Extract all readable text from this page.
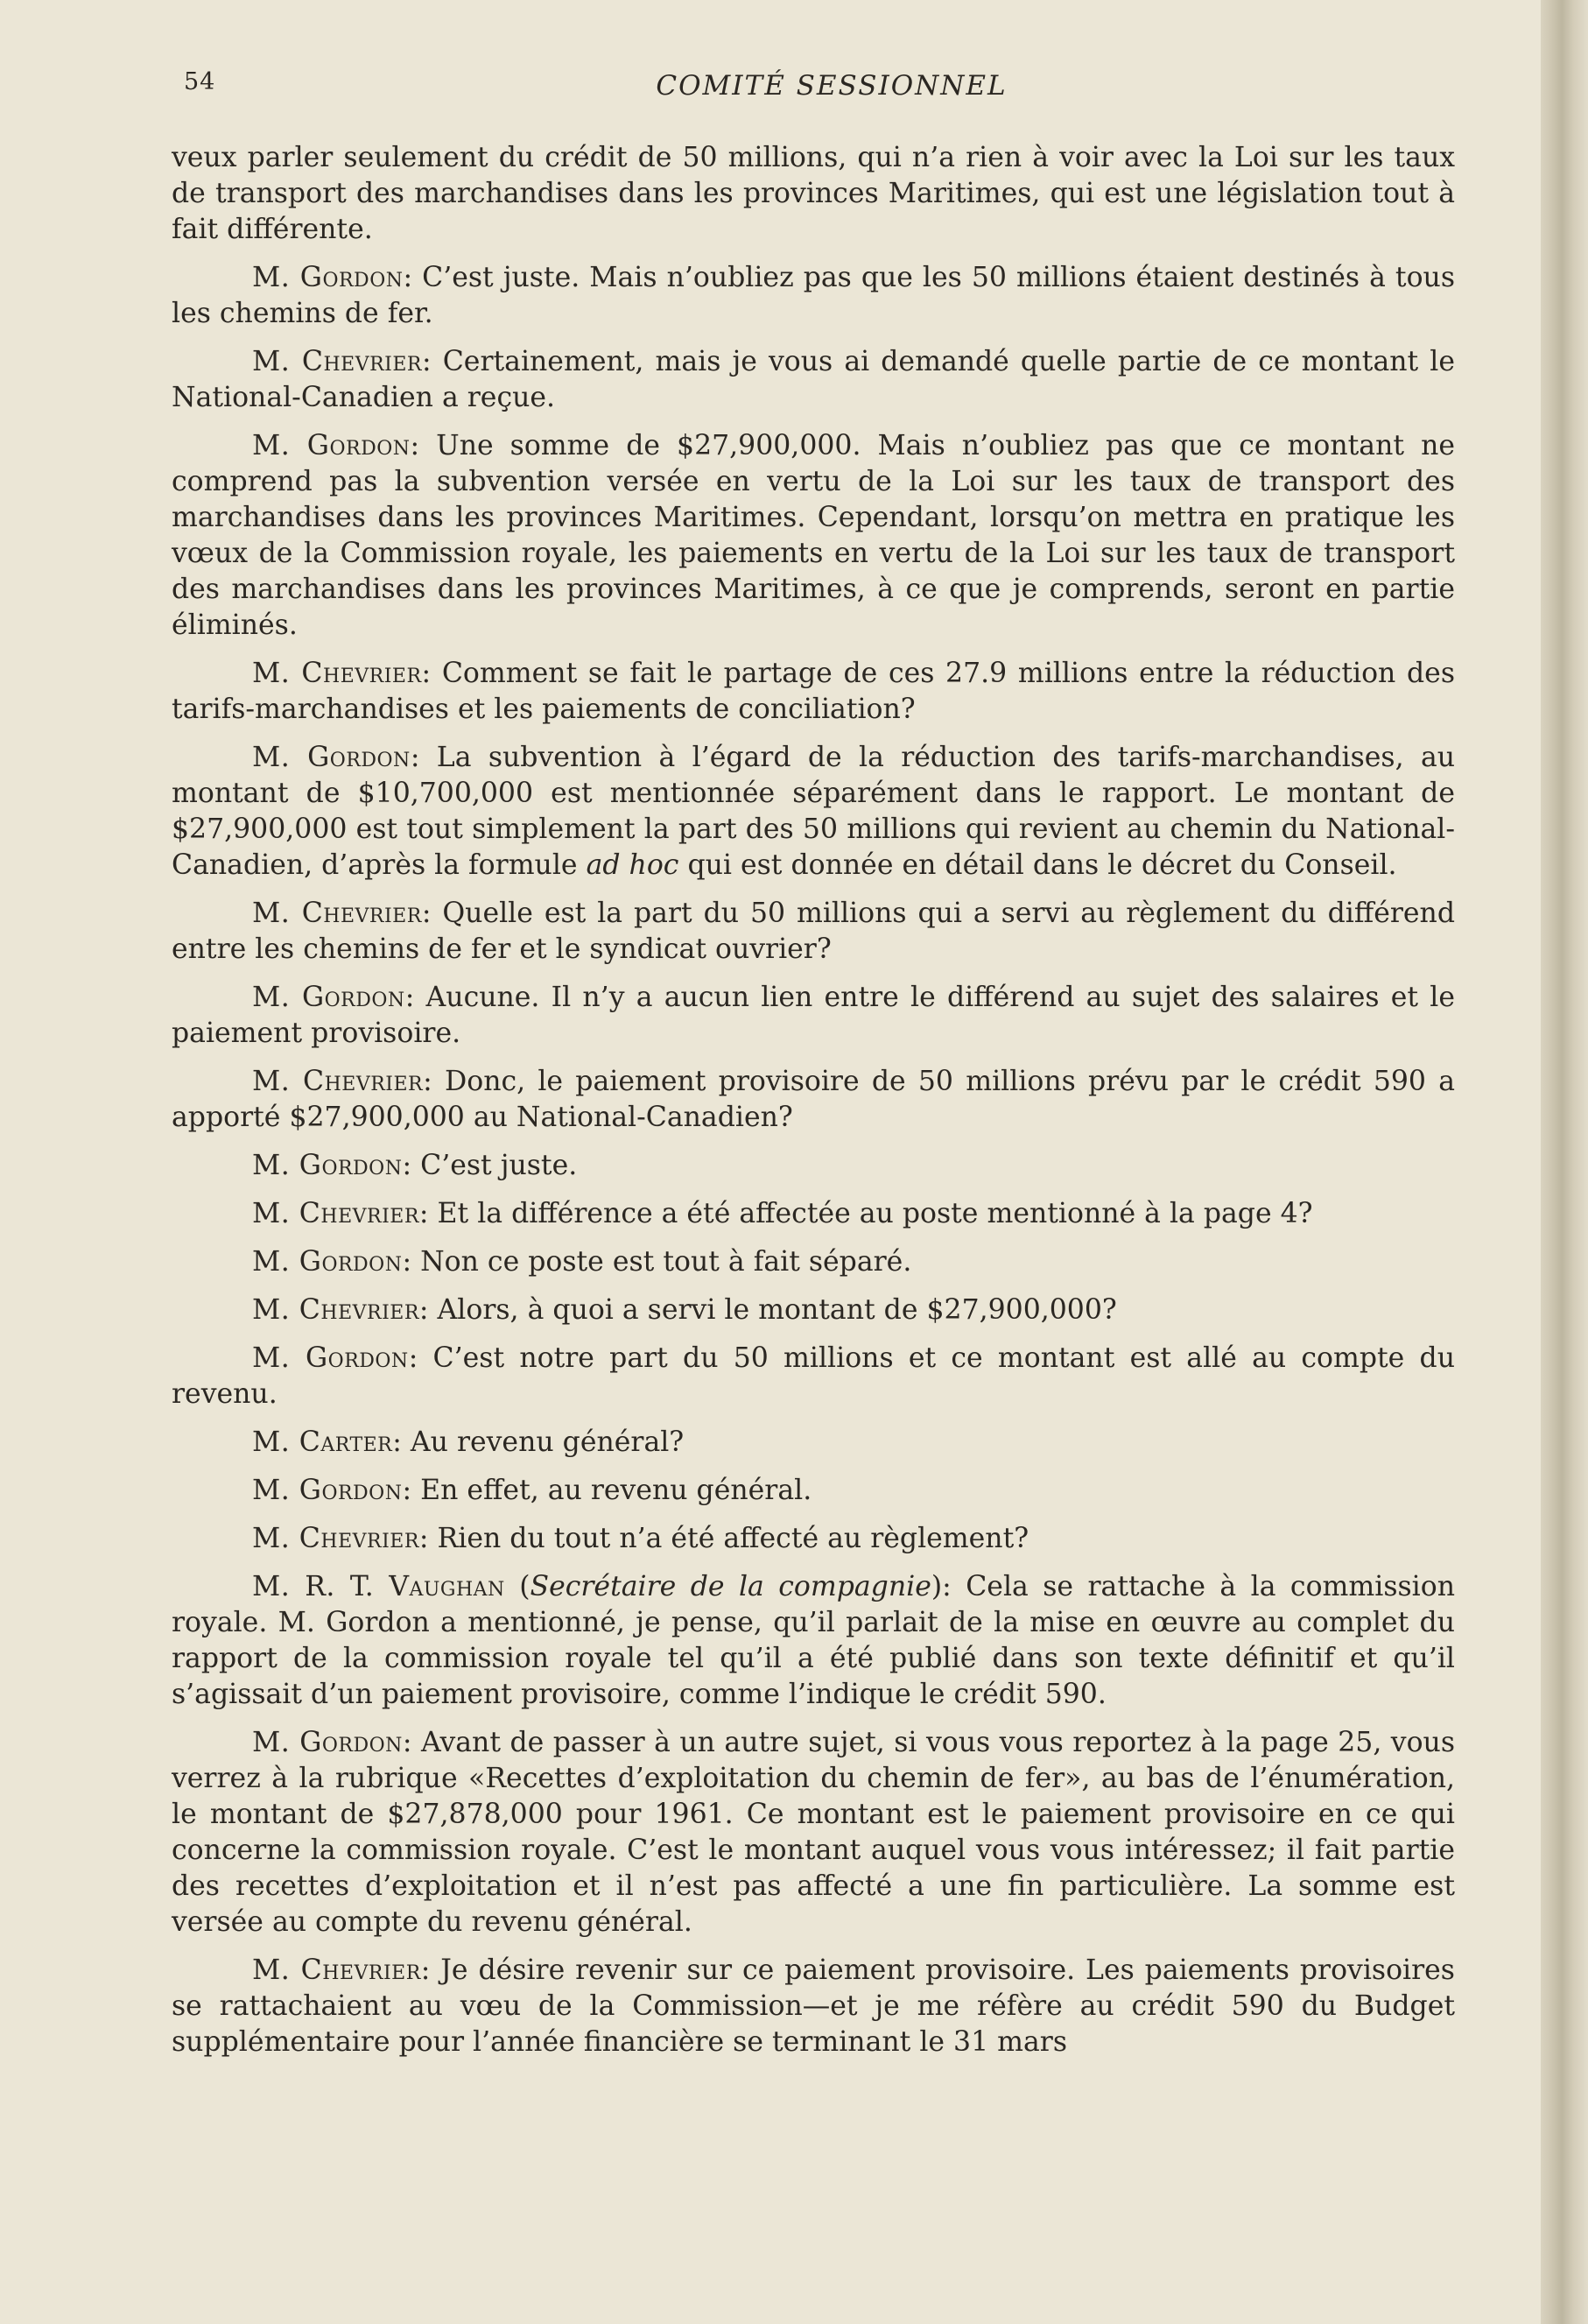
54	COMITÉ SESSIONNEL

veux parler seulement du crédit de 50 millions, qui n’a rien à voir avec la Loi sur les taux de transport des marchandises dans les provinces Maritimes, qui est une législation tout à fait différente.

M. Gordon: C’est juste. Mais n’oubliez pas que les 50 millions étaient destinés à tous les chemins de fer.

M. Chevrier: Certainement, mais je vous ai demandé quelle partie de ce montant le National-Canadien a reçue.

M. Gordon: Une somme de $27,900,000. Mais n’oubliez pas que ce montant ne comprend pas la subvention versée en vertu de la Loi sur les taux de transport des marchandises dans les provinces Maritimes. Cependant, lorsqu’on mettra en pratique les vœux de la Commission royale, les paiements en vertu de la Loi sur les taux de transport des marchandises dans les provinces Maritimes, à ce que je comprends, seront en partie éliminés.

M. Chevrier: Comment se fait le partage de ces 27.9 millions entre la réduction des tarifs-marchandises et les paiements de conciliation?

M. Gordon: La subvention à l’égard de la réduction des tarifs-marchandises, au montant de $10,700,000 est mentionnée séparément dans le rapport. Le montant de $27,900,000 est tout simplement la part des 50 millions qui revient au chemin du National-Canadien, d’après la formule ad hoc qui est donnée en détail dans le décret du Conseil.

M. Chevrier: Quelle est la part du 50 millions qui a servi au règlement du différend entre les chemins de fer et le syndicat ouvrier?

M. Gordon: Aucune. Il n’y a aucun lien entre le différend au sujet des salaires et le paiement provisoire.

M. Chevrier: Donc, le paiement provisoire de 50 millions prévu par le crédit 590 a apporté $27,900,000 au National-Canadien?

M. Gordon: C’est juste.

M. Chevrier: Et la différence a été affectée au poste mentionné à la page 4?

M. Gordon: Non ce poste est tout à fait séparé.

M. Chevrier: Alors, à quoi a servi le montant de $27,900,000?

M. Gordon: C’est notre part du 50 millions et ce montant est allé au compte du revenu.

M. Carter: Au revenu général?

M. Gordon: En effet, au revenu général.

M. Chevrier: Rien du tout n’a été affecté au règlement?

M. R. T. Vaughan (Secrétaire de la compagnie): Cela se rattache à la commission royale. M. Gordon a mentionné, je pense, qu’il parlait de la mise en œuvre au complet du rapport de la commission royale tel qu’il a été publié dans son texte définitif et qu’il s’agissait d’un paiement provisoire, comme l’indique le crédit 590.

M. Gordon: Avant de passer à un autre sujet, si vous vous reportez à la page 25, vous verrez à la rubrique «Recettes d’exploitation du chemin de fer», au bas de l’énumération, le montant de $27,878,000 pour 1961. Ce montant est le paiement provisoire en ce qui concerne la commission royale. C’est le montant auquel vous vous intéressez; il fait partie des recettes d’exploitation et il n’est pas affecté a une fin particulière. La somme est versée au compte du revenu général.

M. Chevrier: Je désire revenir sur ce paiement provisoire. Les paiements provisoires se rattachaient au vœu de la Commission—et je me réfère au crédit 590 du Budget supplémentaire pour l’année financière se terminant le 31 mars
